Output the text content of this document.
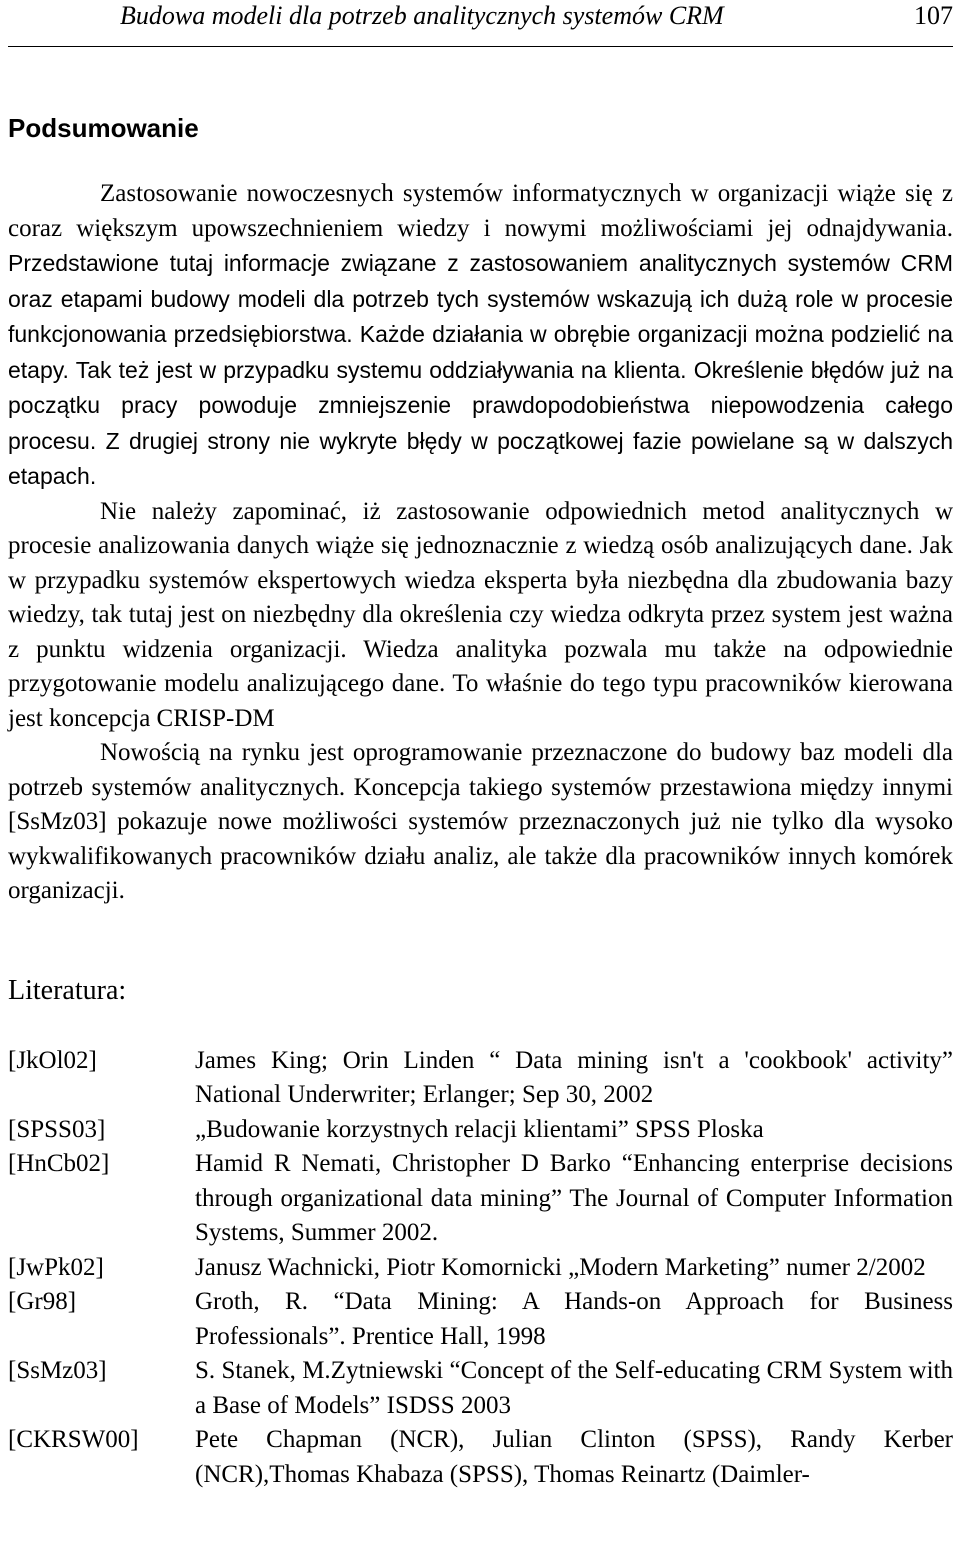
Budowa modeli dla potrzeb analitycznych systemów CRM	107
Podsumowanie

Zastosowanie nowoczesnych systemów informatycznych w organizacji wiąże się z coraz większym upowszechnieniem wiedzy i nowymi możliwościami jej odnajdywania. Przedstawione tutaj informacje związane z zastosowaniem analitycznych systemów CRM oraz etapami budowy modeli dla potrzeb tych systemów wskazują ich dużą role w procesie funkcjonowania przedsiębiorstwa. Każde działania w obrębie organizacji można podzielić na etapy. Tak też jest w przypadku systemu oddziaływania na klienta. Określenie błędów już na początku pracy powoduje zmniejszenie prawdopodobieństwa niepowodzenia całego procesu. Z drugiej strony nie wykryte błędy w początkowej fazie powielane są w dalszych etapach.

Nie należy zapominać, iż zastosowanie odpowiednich metod analitycznych w procesie analizowania danych wiąże się jednoznacznie z wiedzą osób analizujących dane. Jak w przypadku systemów ekspertowych wiedza eksperta była niezbędna dla zbudowania bazy wiedzy, tak tutaj jest on niezbędny dla określenia czy wiedza odkryta przez system jest ważna z punktu widzenia organizacji. Wiedza analityka pozwala mu także na odpowiednie przygotowanie modelu analizującego dane. To właśnie do tego typu pracowników kierowana jest koncepcja CRISP-DM

Nowością na rynku jest oprogramowanie przeznaczone do budowy baz modeli dla potrzeb systemów analitycznych. Koncepcja takiego systemów przestawiona między innymi [SsMz03] pokazuje nowe możliwości systemów przeznaczonych już nie tylko dla wysoko wykwalifikowanych pracowników działu analiz, ale także dla pracowników innych komórek organizacji.

Literatura:
[JkOl02]	James King; Orin Linden “ Data mining isn't a 'cookbook' activity” National Underwriter; Erlanger; Sep 30, 2002
[SPSS03]	„Budowanie korzystnych relacji klientami” SPSS Ploska
[HnCb02]	Hamid R Nemati, Christopher D Barko “Enhancing enterprise decisions through organizational data mining” The Journal of Computer Information Systems, Summer 2002.
[JwPk02]	Janusz Wachnicki, Piotr Komornicki „Modern Marketing” numer 2/2002
[Gr98]	Groth, R. “Data Mining: A Hands-on Approach for Business Professionals”. Prentice Hall, 1998
[SsMz03]	S. Stanek, M.Zytniewski “Concept of the Self-educating CRM System with a Base of Models” ISDSS 2003
[CKRSW00]	Pete Chapman (NCR), Julian Clinton (SPSS), Randy Kerber (NCR),Thomas Khabaza (SPSS), Thomas Reinartz (Daimler-
